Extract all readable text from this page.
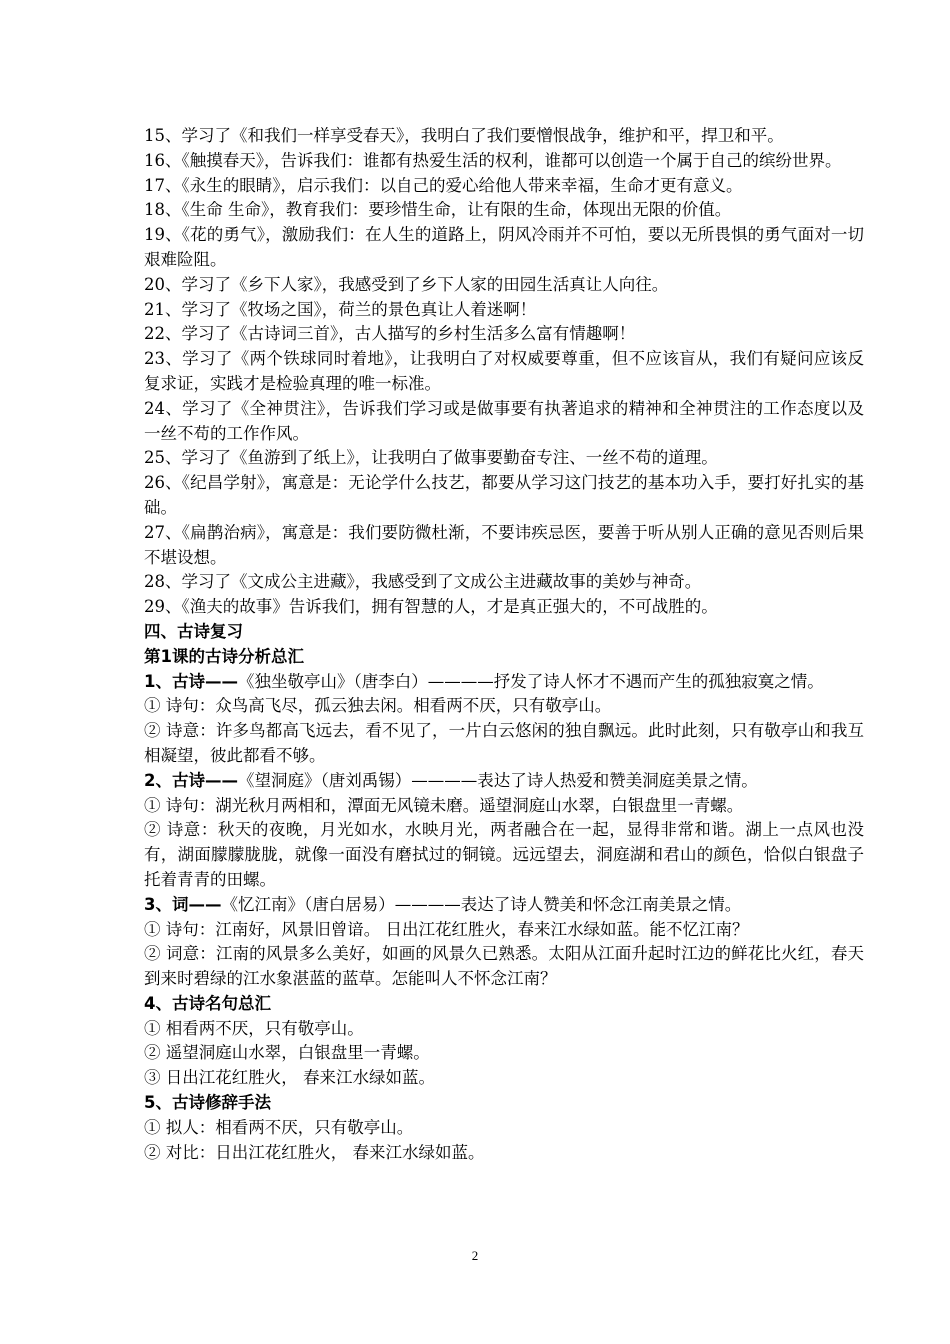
15、学习了《和我们一样享受春天》，我明白了我们要憎恨战争，维护和平，捍卫和平。

16、《触摸春天》，告诉我们：谁都有热爱生活的权利，谁都可以创造一个属于自己的缤纷世界。

17、《永生的眼睛》，启示我们：以自己的爱心给他人带来幸福，生命才更有意义。

18、《生命 生命》，教育我们：要珍惜生命，让有限的生命，体现出无限的价值。

19、《花的勇气》，激励我们：在人生的道路上，阴风冷雨并不可怕，要以无所畏惧的勇气面对一切艰难险阻。

20、学习了《乡下人家》，我感受到了乡下人家的田园生活真让人向往。

21、学习了《牧场之国》，荷兰的景色真让人着迷啊！

22、学习了《古诗词三首》，古人描写的乡村生活多么富有情趣啊！

23、学习了《两个铁球同时着地》，让我明白了对权威要尊重，但不应该盲从，我们有疑问应该反复求证，实践才是检验真理的唯一标准。

24、学习了《全神贯注》，告诉我们学习或是做事要有执著追求的精神和全神贯注的工作态度以及一丝不苟的工作作风。

25、学习了《鱼游到了纸上》，让我明白了做事要勤奋专注、一丝不苟的道理。

26、《纪昌学射》，寓意是：无论学什么技艺，都要从学习这门技艺的基本功入手，要打好扎实的基础。

27、《扁鹊治病》，寓意是：我们要防微杜渐，不要讳疾忌医，要善于听从别人正确的意见否则后果不堪设想。

28、学习了《文成公主进藏》，我感受到了文成公主进藏故事的美妙与神奇。

29、《渔夫的故事》告诉我们，拥有智慧的人，才是真正强大的，不可战胜的。

四、古诗复习

第1课的古诗分析总汇

1、古诗——《独坐敬亭山》（唐李白）————抒发了诗人怀才不遇而产生的孤独寂寞之情。

① 诗句：众鸟高飞尽，孤云独去闲。相看两不厌，只有敬亭山。

② 诗意：许多鸟都高飞远去，看不见了，一片白云悠闲的独自飘远。此时此刻，只有敬亭山和我互相凝望，彼此都看不够。

2、古诗——《望洞庭》（唐刘禹锡）————表达了诗人热爱和赞美洞庭美景之情。

① 诗句：湖光秋月两相和，潭面无风镜未磨。遥望洞庭山水翠，白银盘里一青螺。

② 诗意：秋天的夜晚，月光如水，水映月光，两者融合在一起，显得非常和谐。湖上一点风也没有，湖面朦朦胧胧，就像一面没有磨拭过的铜镜。远远望去，洞庭湖和君山的颜色，恰似白银盘子托着青青的田螺。

3、词——《忆江南》（唐白居易）————表达了诗人赞美和怀念江南美景之情。

① 诗句：江南好，风景旧曾谙。 日出江花红胜火，春来江水绿如蓝。能不忆江南？

② 词意：江南的风景多么美好，如画的风景久已熟悉。太阳从江面升起时江边的鲜花比火红，春天到来时碧绿的江水象湛蓝的蓝草。怎能叫人不怀念江南？

4、古诗名句总汇

① 相看两不厌，只有敬亭山。

② 遥望洞庭山水翠，白银盘里一青螺。

③ 日出江花红胜火， 春来江水绿如蓝。

5、古诗修辞手法

① 拟人：相看两不厌，只有敬亭山。

② 对比：日出江花红胜火， 春来江水绿如蓝。

2
